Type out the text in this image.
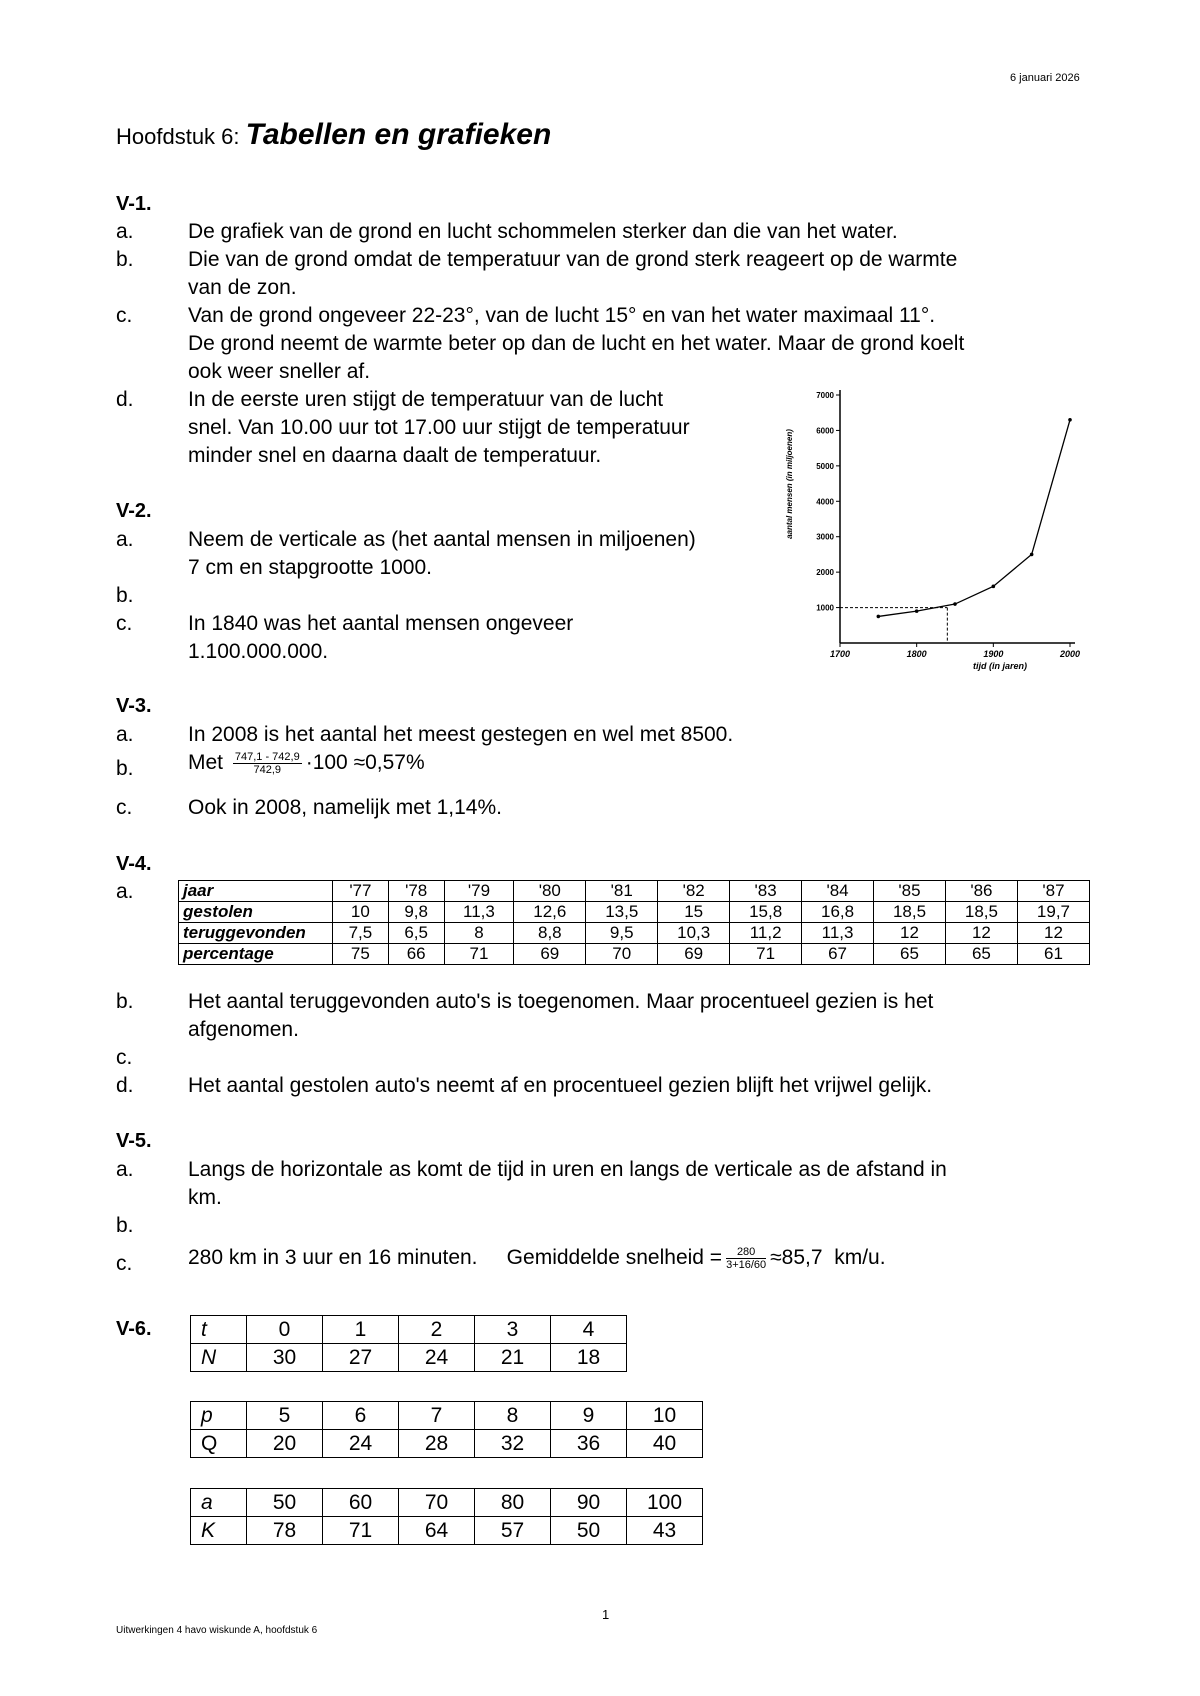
6 januari 2026
Hoofdstuk 6: Tabellen en grafieken
V-1.
a.	De grafiek van de grond en lucht schommelen sterker dan die van het water.
b.	Die van de grond omdat de temperatuur van de grond sterk reageert op de warmte
van de zon.
c.	Van de grond ongeveer 22-23°, van de lucht 15° en van het water maximaal 11°.
De grond neemt de warmte beter op dan de lucht en het water. Maar de grond koelt
ook weer sneller af.
d.	In de eerste uren stijgt de temperatuur van de lucht
snel. Van 10.00 uur tot 17.00 uur stijgt de temperatuur
minder snel en daarna daalt de temperatuur.
V-2.
a.	Neem de verticale as (het aantal mensen in miljoenen)
7 cm en stapgrootte 1000.
b.
c.	In 1840 was het aantal mensen ongeveer
1.100.000.000.
1000
2000
3000
4000
5000
6000
7000
1700	1800	1900	2000
tijd (in jaren)
aantal mensen (in miljoenen)
V-3.
a.	In 2008 is het aantal het meest gestegen en wel met 8500.
b.	Met $\frac{747,1 - 742,9}{742,9} \cdot 100 \approx 0,57\%$
c.	Ook in 2008, namelijk met 1,14%.
V-4.
a.	jaar	'77	'78	'79	'80	'81	'82	'83	'84	'85	'86	'87
gestolen	10	9,8	11,3	12,6	13,5	15	15,8	16,8	18,5	18,5	19,7
teruggevonden	7,5	6,5	8	8,8	9,5	10,3	11,2	11,3	12	12	12
percentage	75	66	71	69	70	69	71	67	65	65	61
b.	Het aantal teruggevonden auto's is toegenomen. Maar procentueel gezien is het
afgenomen.
c.
d.	Het aantal gestolen auto's neemt af en procentueel gezien blijft het vrijwel gelijk.
V-5.
a.	Langs de horizontale as komt de tijd in uren en langs de verticale as de afstand in
km.
b.
c.	280 km in 3 uur en 16 minuten.     Gemiddelde snelheid = $\frac{280}{3+16/60} \approx 85,7$  km/u.
V-6. t	0	1	2	3	4
N	30	27	24	21	18
p	5	6	7	8	9	10
Q	20	24	28	32	36	40
a	50	60	70	80	90	100
K	78	71	64	57	50	43
1
Uitwerkingen 4 havo wiskunde A, hoofdstuk 6
